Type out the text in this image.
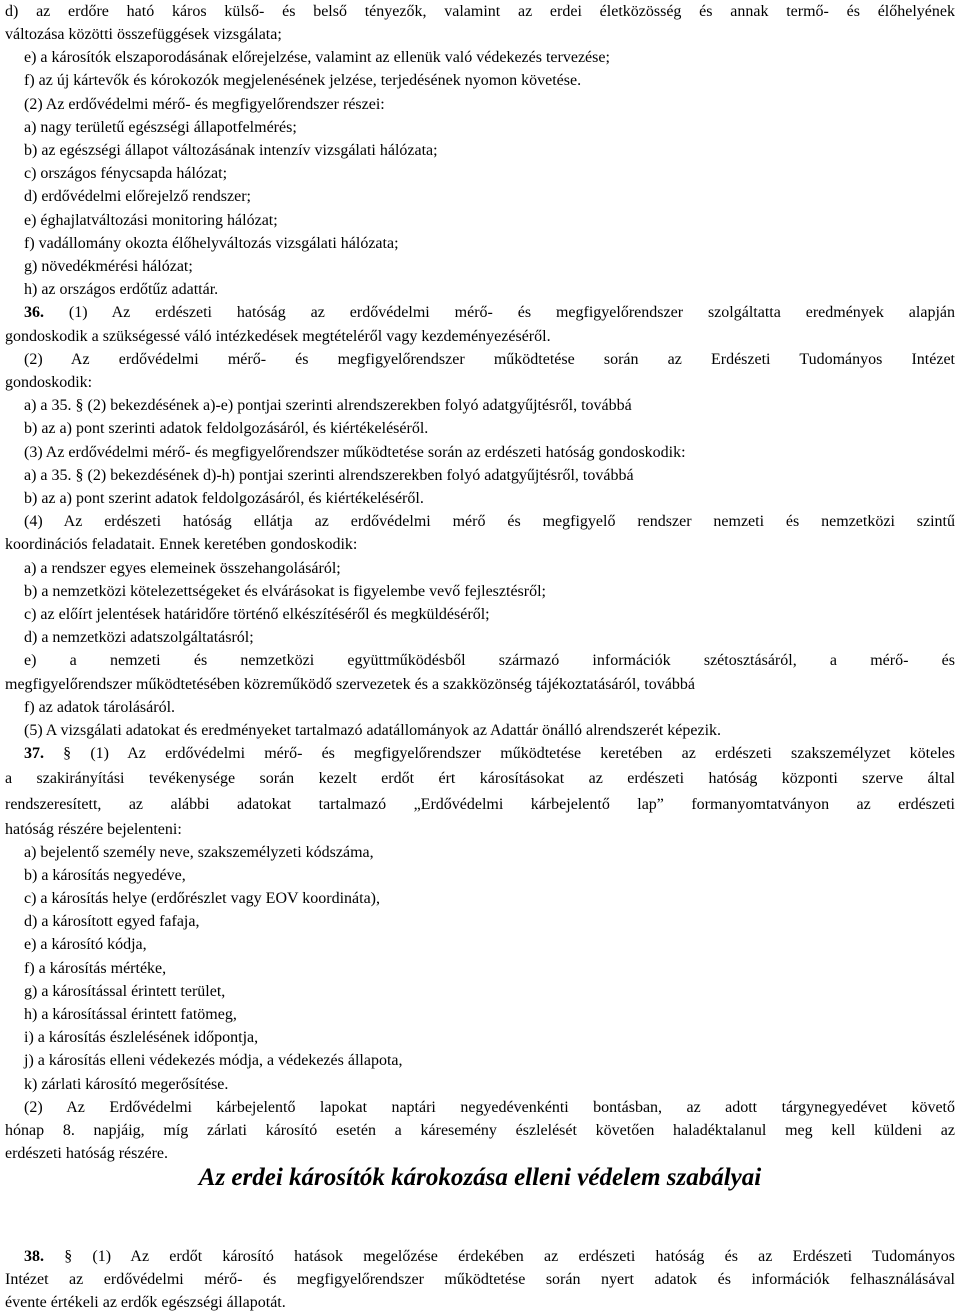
d) az erdőre ható káros külső- és belső tényezők, valamint az erdei életközösség és annak termő- és élőhelyének

változása közötti összefüggések vizsgálata;

e) a károsítók elszaporodásának előrejelzése, valamint az ellenük való védekezés tervezése;

f) az új kártevők és kórokozók megjelenésének jelzése, terjedésének nyomon követése.

(2) Az erdővédelmi mérő- és megfigyelőrendszer részei:

a) nagy területű egészségi állapotfelmérés;

b) az egészségi állapot változásának intenzív vizsgálati hálózata;

c) országos fénycsapda hálózat;

d) erdővédelmi előrejelző rendszer;

e) éghajlatváltozási monitoring hálózat;

f) vadállomány okozta élőhelyváltozás vizsgálati hálózata;

g) növedékmérési hálózat;

h) az országos erdőtűz adattár.

36. (1) Az erdészeti hatóság az erdővédelmi mérő- és megfigyelőrendszer szolgáltatta eredmények alapján

gondoskodik a szükségessé váló intézkedések megtételéről vagy kezdeményezéséről.

(2) Az erdővédelmi mérő- és megfigyelőrendszer működtetése során az Erdészeti Tudományos Intézet

gondoskodik:

a) a 35. § (2) bekezdésének a)-e) pontjai szerinti alrendszerekben folyó adatgyűjtésről, továbbá

b) az a) pont szerinti adatok feldolgozásáról, és kiértékeléséről.

(3) Az erdővédelmi mérő- és megfigyelőrendszer működtetése során az erdészeti hatóság gondoskodik:

a) a 35. § (2) bekezdésének d)-h) pontjai szerinti alrendszerekben folyó adatgyűjtésről, továbbá

b) az a) pont szerint adatok feldolgozásáról, és kiértékeléséről.

(4) Az erdészeti hatóság ellátja az erdővédelmi mérő és megfigyelő rendszer nemzeti és nemzetközi szintű

koordinációs feladatait. Ennek keretében gondoskodik:

a) a rendszer egyes elemeinek összehangolásáról;

b) a nemzetközi kötelezettségeket és elvárásokat is figyelembe vevő fejlesztésről;

c) az előírt jelentések határidőre történő elkészítéséről és megküldéséről;

d) a nemzetközi adatszolgáltatásról;

e) a nemzeti és nemzetközi együttműködésből származó információk szétosztásáról, a mérő- és

megfigyelőrendszer működtetésében közreműködő szervezetek és a szakközönség tájékoztatásáról, továbbá

f) az adatok tárolásáról.

(5) A vizsgálati adatokat és eredményeket tartalmazó adatállományok az Adattár önálló alrendszerét képezik.

37. § (1) Az erdővédelmi mérő- és megfigyelőrendszer működtetése keretében az erdészeti szakszemélyzet köteles

a szakirányítási tevékenysége során kezelt erdőt ért károsításokat az erdészeti hatóság központi szerve által

rendszeresített, az alábbi adatokat tartalmazó „Erdővédelmi kárbejelentő lap” formanyomtatványon az erdészeti

hatóság részére bejelenteni:

a) bejelentő személy neve, szakszemélyzeti kódszáma,

b) a károsítás negyedéve,

c) a károsítás helye (erdőrészlet vagy EOV koordináta),

d) a károsított egyed fafaja,

e) a károsító kódja,

f) a károsítás mértéke,

g) a károsítással érintett terület,

h) a károsítással érintett fatömeg,

i) a károsítás észlelésének időpontja,

j) a károsítás elleni védekezés módja, a védekezés állapota,

k) zárlati károsító megerősítése.

(2) Az Erdővédelmi kárbejelentő lapokat naptári negyedévenkénti bontásban, az adott tárgynegyedévet követő

hónap 8. napjáig, míg zárlati károsító esetén a káresemény észlelését követően haladéktalanul meg kell küldeni az

erdészeti hatóság részére.

Az erdei károsítók károkozása elleni védelem szabályai

38. § (1) Az erdőt károsító hatások megelőzése érdekében az erdészeti hatóság és az Erdészeti Tudományos

Intézet az erdővédelmi mérő- és megfigyelőrendszer működtetése során nyert adatok és információk felhasználásával

évente értékeli az erdők egészségi állapotát.
